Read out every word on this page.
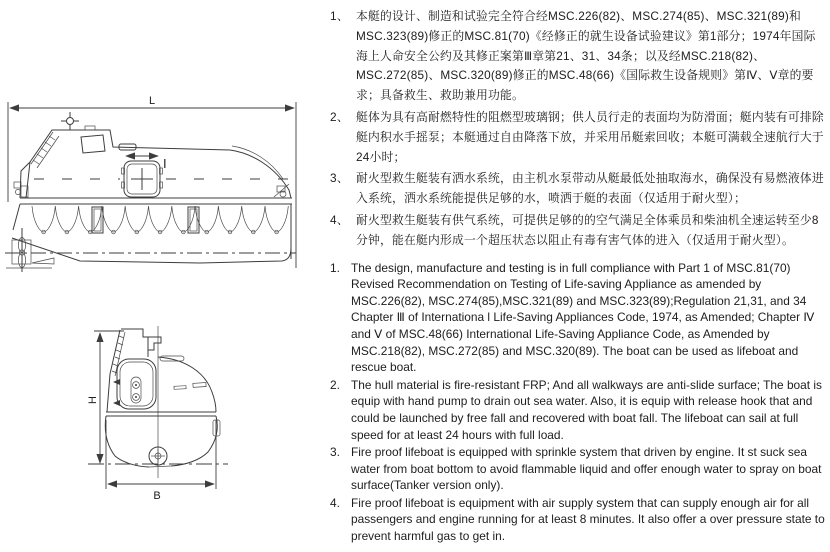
L
I
H
B
1、 本艇的设计、制造和试验完全符合经MSC.226(82)、MSC.274(85)、MSC.321(89)和MSC.323(89)修正的MSC.81(70)《经修正的就生设备试验建议》第1部分；1974年国际海上人命安全公约及其修正案第Ⅲ章第21、31、34条；以及经MSC.218(82)、MSC.272(85)、MSC.320(89)修正的MSC.48(66)《国际救生设备规则》第Ⅳ、Ⅴ章的要求；具备救生、救助兼用功能。
2、 艇体为具有高耐燃特性的阻燃型玻璃钢；供人员行走的表面均为防滑面；艇内装有可排除艇内积水手摇泵；本艇通过自由降落下放，并采用吊艇索回收；本艇可满载全速航行大于24小时；
3、 耐火型救生艇装有洒水系统，由主机水泵带动从艇最低处抽取海水，确保没有易燃液体进入系统，洒水系统能提供足够的水，喷洒于艇的表面（仅适用于耐火型）；
4、 耐火型救生艇装有供气系统，可提供足够的的空气满足全体乘员和柴油机全速运转至少8分钟，能在艇内形成一个超压状态以阻止有毒有害气体的进入（仅适用于耐火型）。
1. The design, manufacture and testing is in full compliance with Part 1 of MSC.81(70) Revised Recommendation on Testing of Life-saving Appliance as amended by MSC.226(82), MSC.274(85),MSC.321(89) and MSC.323(89);Regulation 21,31, and 34 Chapter Ⅲ of Internationa l Life-Saving Appliances Code, 1974, as Amended; Chapter Ⅳ and Ⅴ of MSC.48(66) International Life-Saving Appliance Code, as Amended by MSC.218(82), MSC.272(85) and MSC.320(89). The boat can be used as lifeboat and rescue boat.
2. The hull material is fire-resistant FRP; And all walkways are anti-slide surface; The boat is equip with hand pump to drain out sea water. Also, it is equip with release hook that and could be launched by free fall and recovered with boat fall. The lifeboat can sail at full speed for at least 24 hours with full load.
3. Fire proof lifeboat is equipped with sprinkle system that driven by engine. It st suck sea water from boat bottom to avoid flammable liquid and offer enough water to spray on boat surface(Tanker version only).
4. Fire proof lifeboat is equipment with air supply system that can supply enough air for all passengers and engine running for at least 8 minutes. It also offer a over pressure state to prevent harmful gas to get in.
